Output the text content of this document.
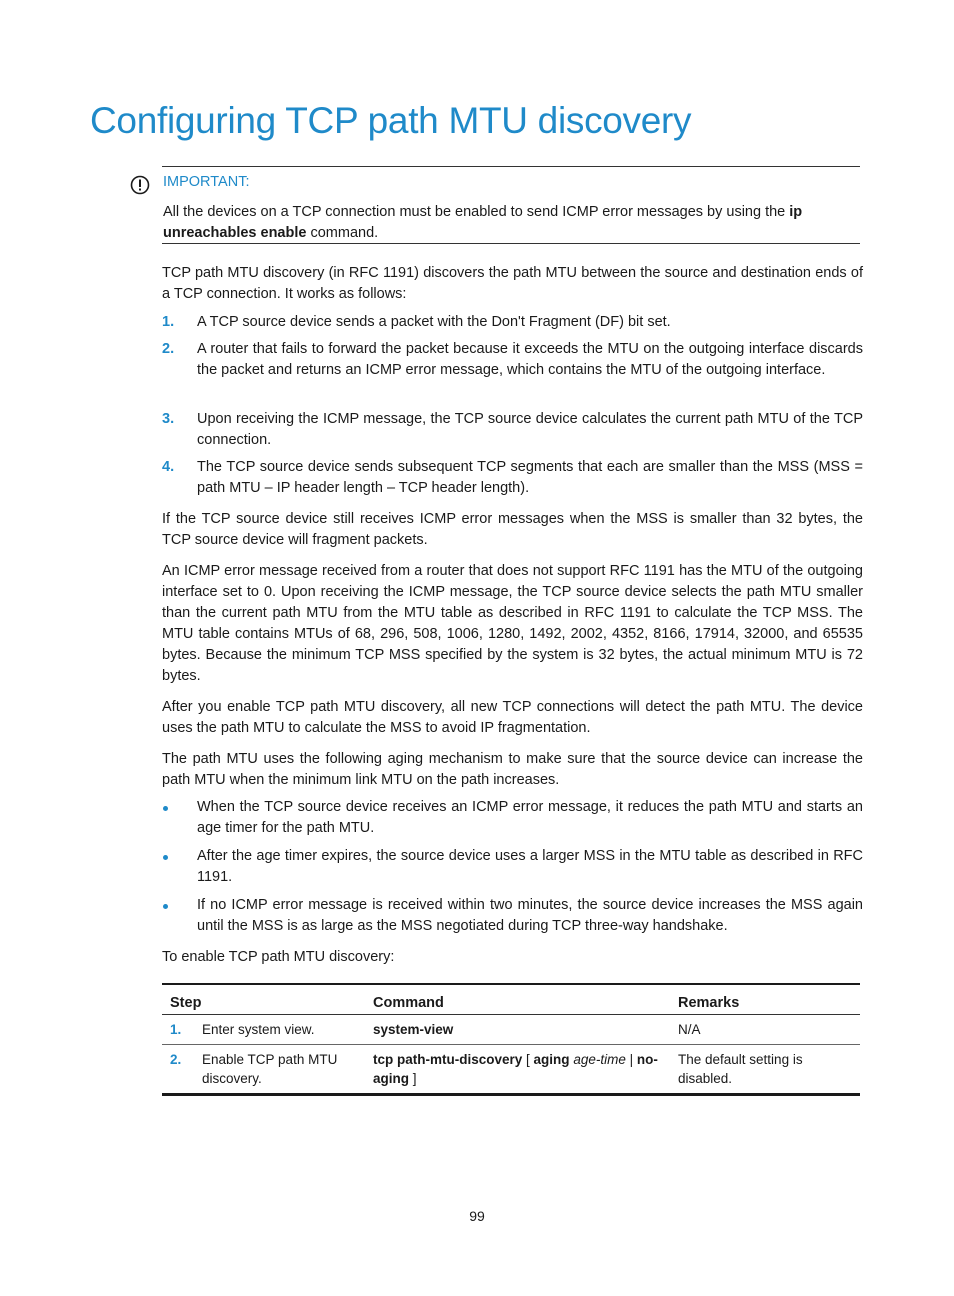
Configuring TCP path MTU discovery
IMPORTANT:
All the devices on a TCP connection must be enabled to send ICMP error messages by using the ip unreachables enable command.

TCP path MTU discovery (in RFC 1191) discovers the path MTU between the source and destination ends of a TCP connection. It works as follows:

1. A TCP source device sends a packet with the Don't Fragment (DF) bit set.
2. A router that fails to forward the packet because it exceeds the MTU on the outgoing interface discards the packet and returns an ICMP error message, which contains the MTU of the outgoing interface.
3. Upon receiving the ICMP message, the TCP source device calculates the current path MTU of the TCP connection.
4. The TCP source device sends subsequent TCP segments that each are smaller than the MSS (MSS = path MTU – IP header length – TCP header length).

If the TCP source device still receives ICMP error messages when the MSS is smaller than 32 bytes, the TCP source device will fragment packets.

An ICMP error message received from a router that does not support RFC 1191 has the MTU of the outgoing interface set to 0. Upon receiving the ICMP message, the TCP source device selects the path MTU smaller than the current path MTU from the MTU table as described in RFC 1191 to calculate the TCP MSS. The MTU table contains MTUs of 68, 296, 508, 1006, 1280, 1492, 2002, 4352, 8166, 17914, 32000, and 65535 bytes. Because the minimum TCP MSS specified by the system is 32 bytes, the actual minimum MTU is 72 bytes.

After you enable TCP path MTU discovery, all new TCP connections will detect the path MTU. The device uses the path MTU to calculate the MSS to avoid IP fragmentation.

The path MTU uses the following aging mechanism to make sure that the source device can increase the path MTU when the minimum link MTU on the path increases.

When the TCP source device receives an ICMP error message, it reduces the path MTU and starts an age timer for the path MTU.
After the age timer expires, the source device uses a larger MSS in the MTU table as described in RFC 1191.
If no ICMP error message is received within two minutes, the source device increases the MSS again until the MSS is as large as the MSS negotiated during TCP three-way handshake.

To enable TCP path MTU discovery:

Step	Command	Remarks
1. Enter system view.	system-view	N/A
2. Enable TCP path MTU discovery.	tcp path-mtu-discovery [ aging age-time | no-aging ]	The default setting is disabled.
99
